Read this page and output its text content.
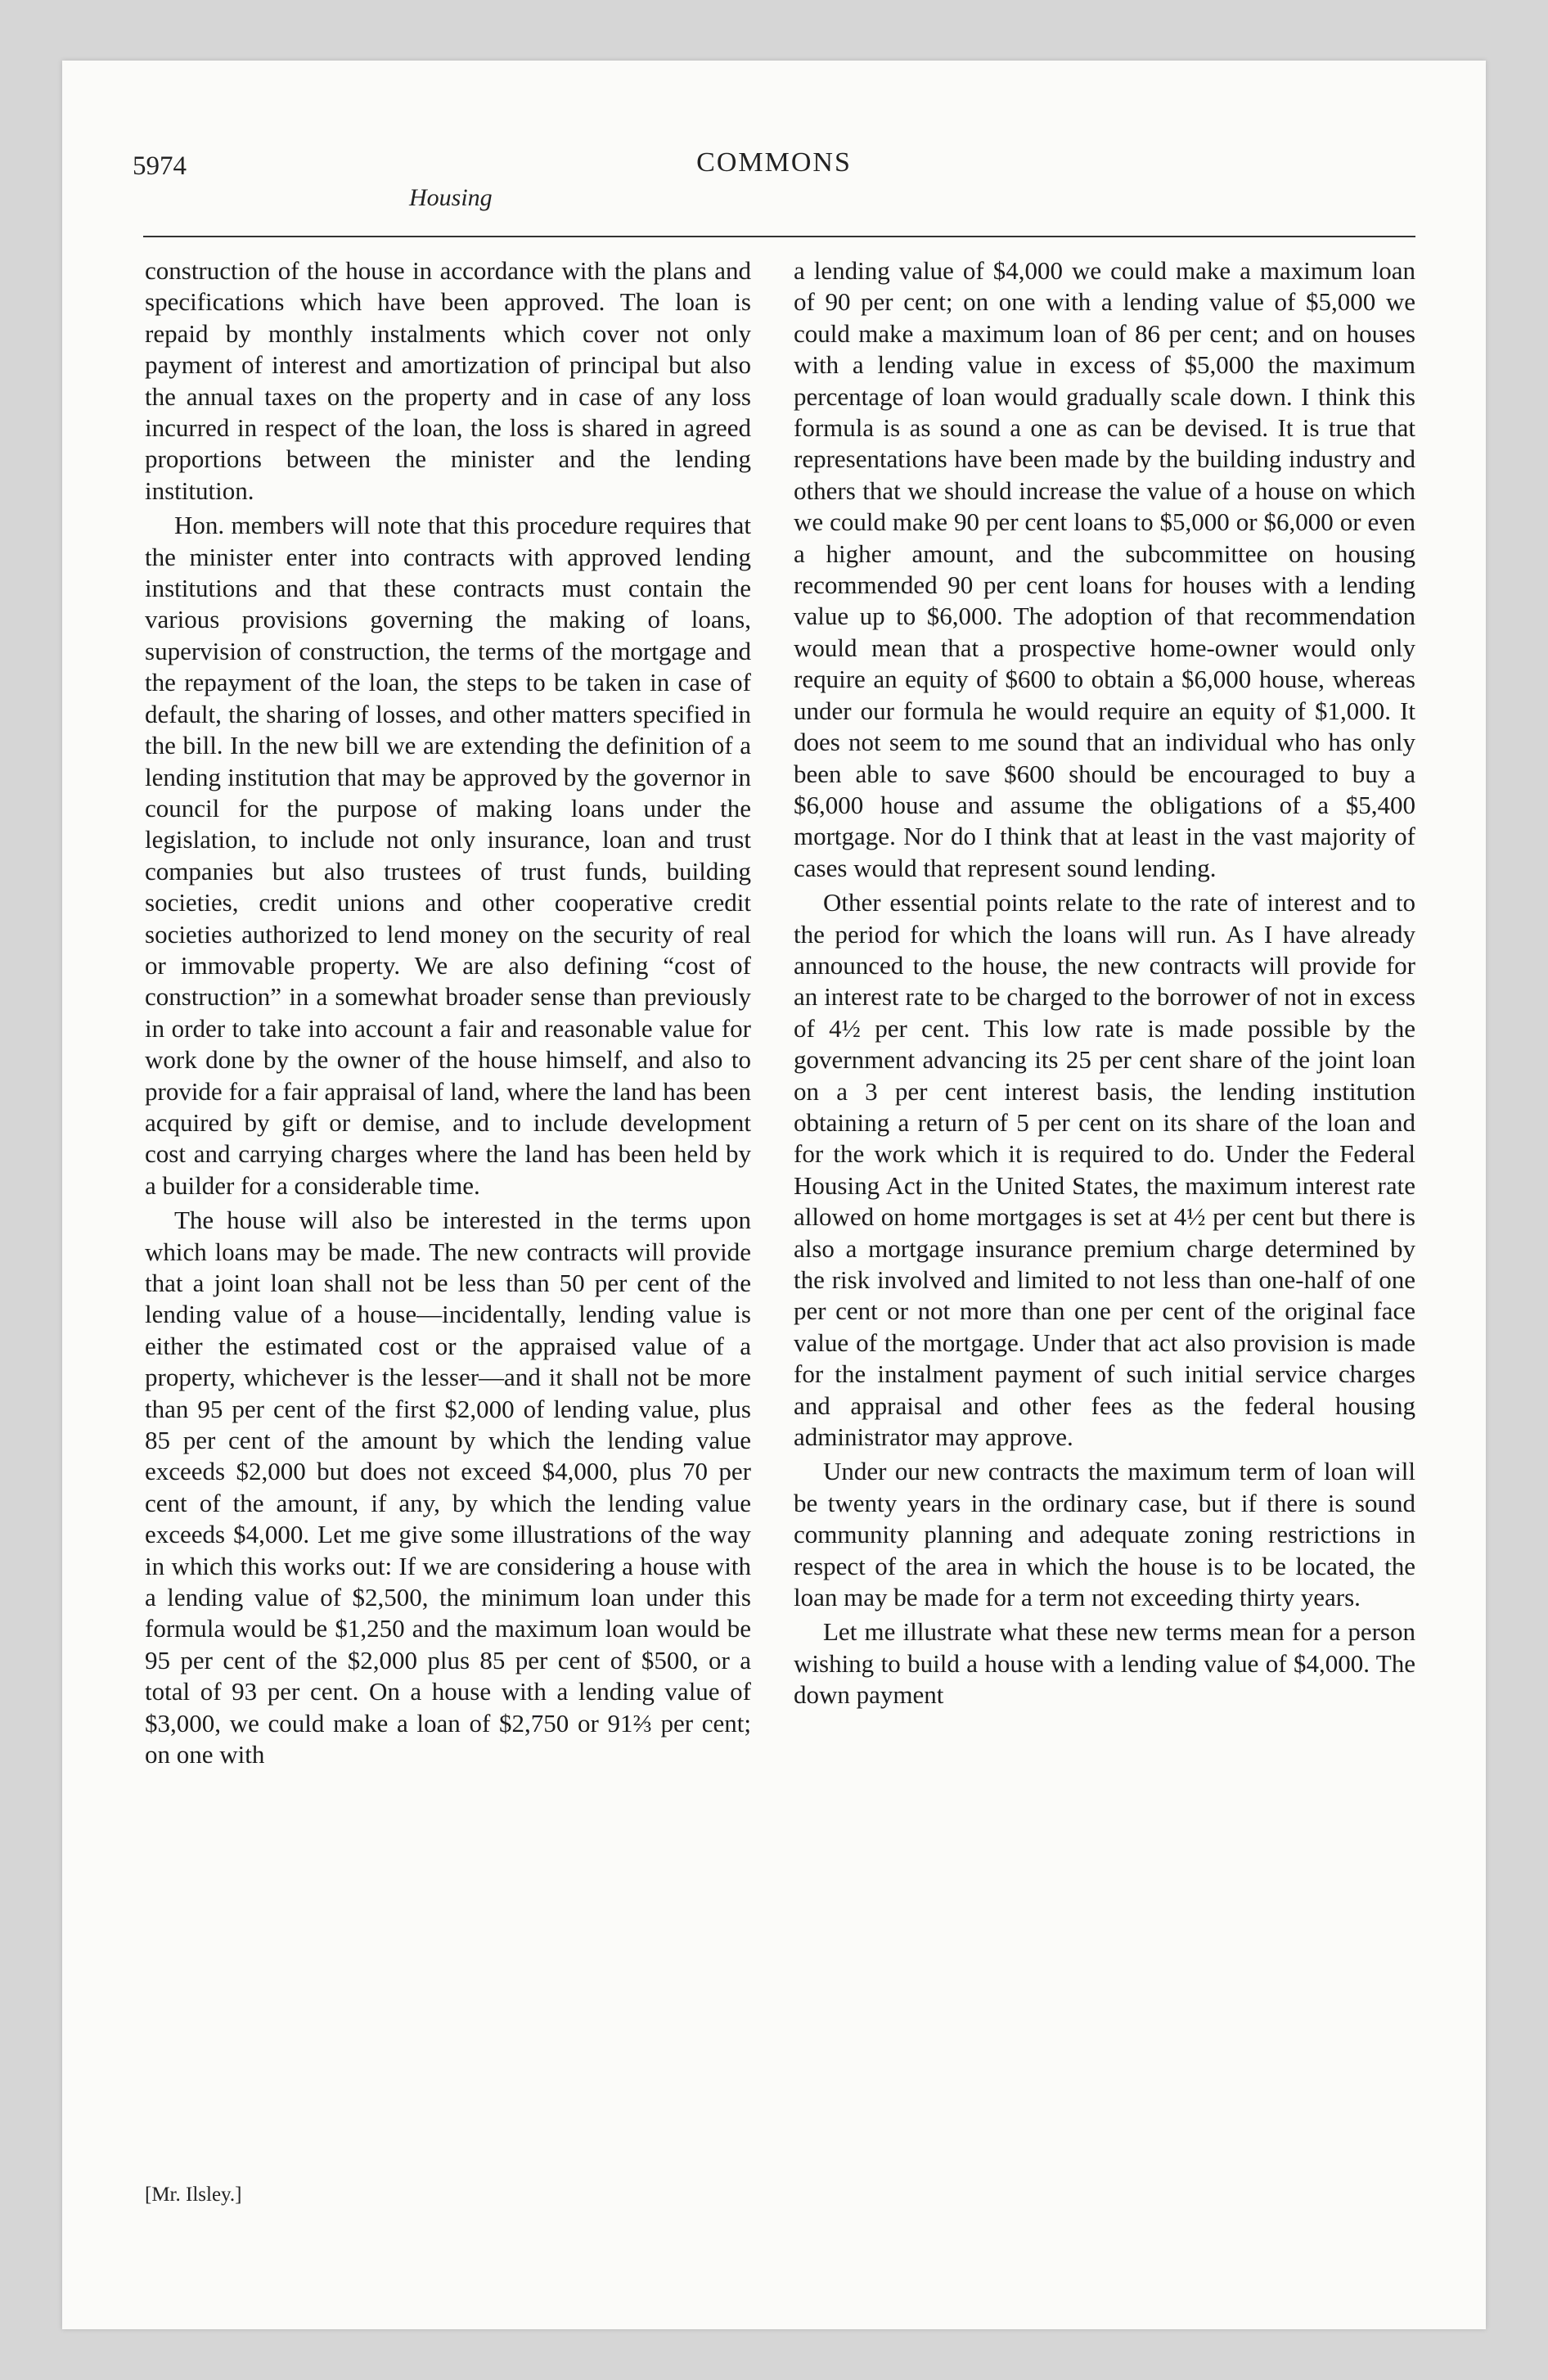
5974	COMMONS
Housing

construction of the house in accordance with the plans and specifications which have been approved. The loan is repaid by monthly instalments which cover not only payment of interest and amortization of principal but also the annual taxes on the property and in case of any loss incurred in respect of the loan, the loss is shared in agreed proportions between the minister and the lending institution.

Hon. members will note that this procedure requires that the minister enter into contracts with approved lending institutions and that these contracts must contain the various provisions governing the making of loans, supervision of construction, the terms of the mortgage and the repayment of the loan, the steps to be taken in case of default, the sharing of losses, and other matters specified in the bill. In the new bill we are extending the definition of a lending institution that may be approved by the governor in council for the purpose of making loans under the legislation, to include not only insurance, loan and trust companies but also trustees of trust funds, building societies, credit unions and other cooperative credit societies authorized to lend money on the security of real or immovable property. We are also defining “cost of construction” in a somewhat broader sense than previously in order to take into account a fair and reasonable value for work done by the owner of the house himself, and also to provide for a fair appraisal of land, where the land has been acquired by gift or demise, and to include development cost and carrying charges where the land has been held by a builder for a considerable time.

The house will also be interested in the terms upon which loans may be made. The new contracts will provide that a joint loan shall not be less than 50 per cent of the lending value of a house—incidentally, lending value is either the estimated cost or the appraised value of a property, whichever is the lesser—and it shall not be more than 95 per cent of the first $2,000 of lending value, plus 85 per cent of the amount by which the lending value exceeds $2,000 but does not exceed $4,000, plus 70 per cent of the amount, if any, by which the lending value exceeds $4,000. Let me give some illustrations of the way in which this works out: If we are considering a house with a lending value of $2,500, the minimum loan under this formula would be $1,250 and the maximum loan would be 95 per cent of the $2,000 plus 85 per cent of $500, or a total of 93 per cent. On a house with a lending value of $3,000, we could make a loan of $2,750 or 91⅔ per cent; on one with

a lending value of $4,000 we could make a maximum loan of 90 per cent; on one with a lending value of $5,000 we could make a maximum loan of 86 per cent; and on houses with a lending value in excess of $5,000 the maximum percentage of loan would gradually scale down. I think this formula is as sound a one as can be devised. It is true that representations have been made by the building industry and others that we should increase the value of a house on which we could make 90 per cent loans to $5,000 or $6,000 or even a higher amount, and the subcommittee on housing recommended 90 per cent loans for houses with a lending value up to $6,000. The adoption of that recommendation would mean that a prospective home-owner would only require an equity of $600 to obtain a $6,000 house, whereas under our formula he would require an equity of $1,000. It does not seem to me sound that an individual who has only been able to save $600 should be encouraged to buy a $6,000 house and assume the obligations of a $5,400 mortgage. Nor do I think that at least in the vast majority of cases would that represent sound lending.

Other essential points relate to the rate of interest and to the period for which the loans will run. As I have already announced to the house, the new contracts will provide for an interest rate to be charged to the borrower of not in excess of 4½ per cent. This low rate is made possible by the government advancing its 25 per cent share of the joint loan on a 3 per cent interest basis, the lending institution obtaining a return of 5 per cent on its share of the loan and for the work which it is required to do. Under the Federal Housing Act in the United States, the maximum interest rate allowed on home mortgages is set at 4½ per cent but there is also a mortgage insurance premium charge determined by the risk involved and limited to not less than one-half of one per cent or not more than one per cent of the original face value of the mortgage. Under that act also provision is made for the instalment payment of such initial service charges and appraisal and other fees as the federal housing administrator may approve.

Under our new contracts the maximum term of loan will be twenty years in the ordinary case, but if there is sound community planning and adequate zoning restrictions in respect of the area in which the house is to be located, the loan may be made for a term not exceeding thirty years.

Let me illustrate what these new terms mean for a person wishing to build a house with a lending value of $4,000. The down payment

[Mr. Ilsley.]
